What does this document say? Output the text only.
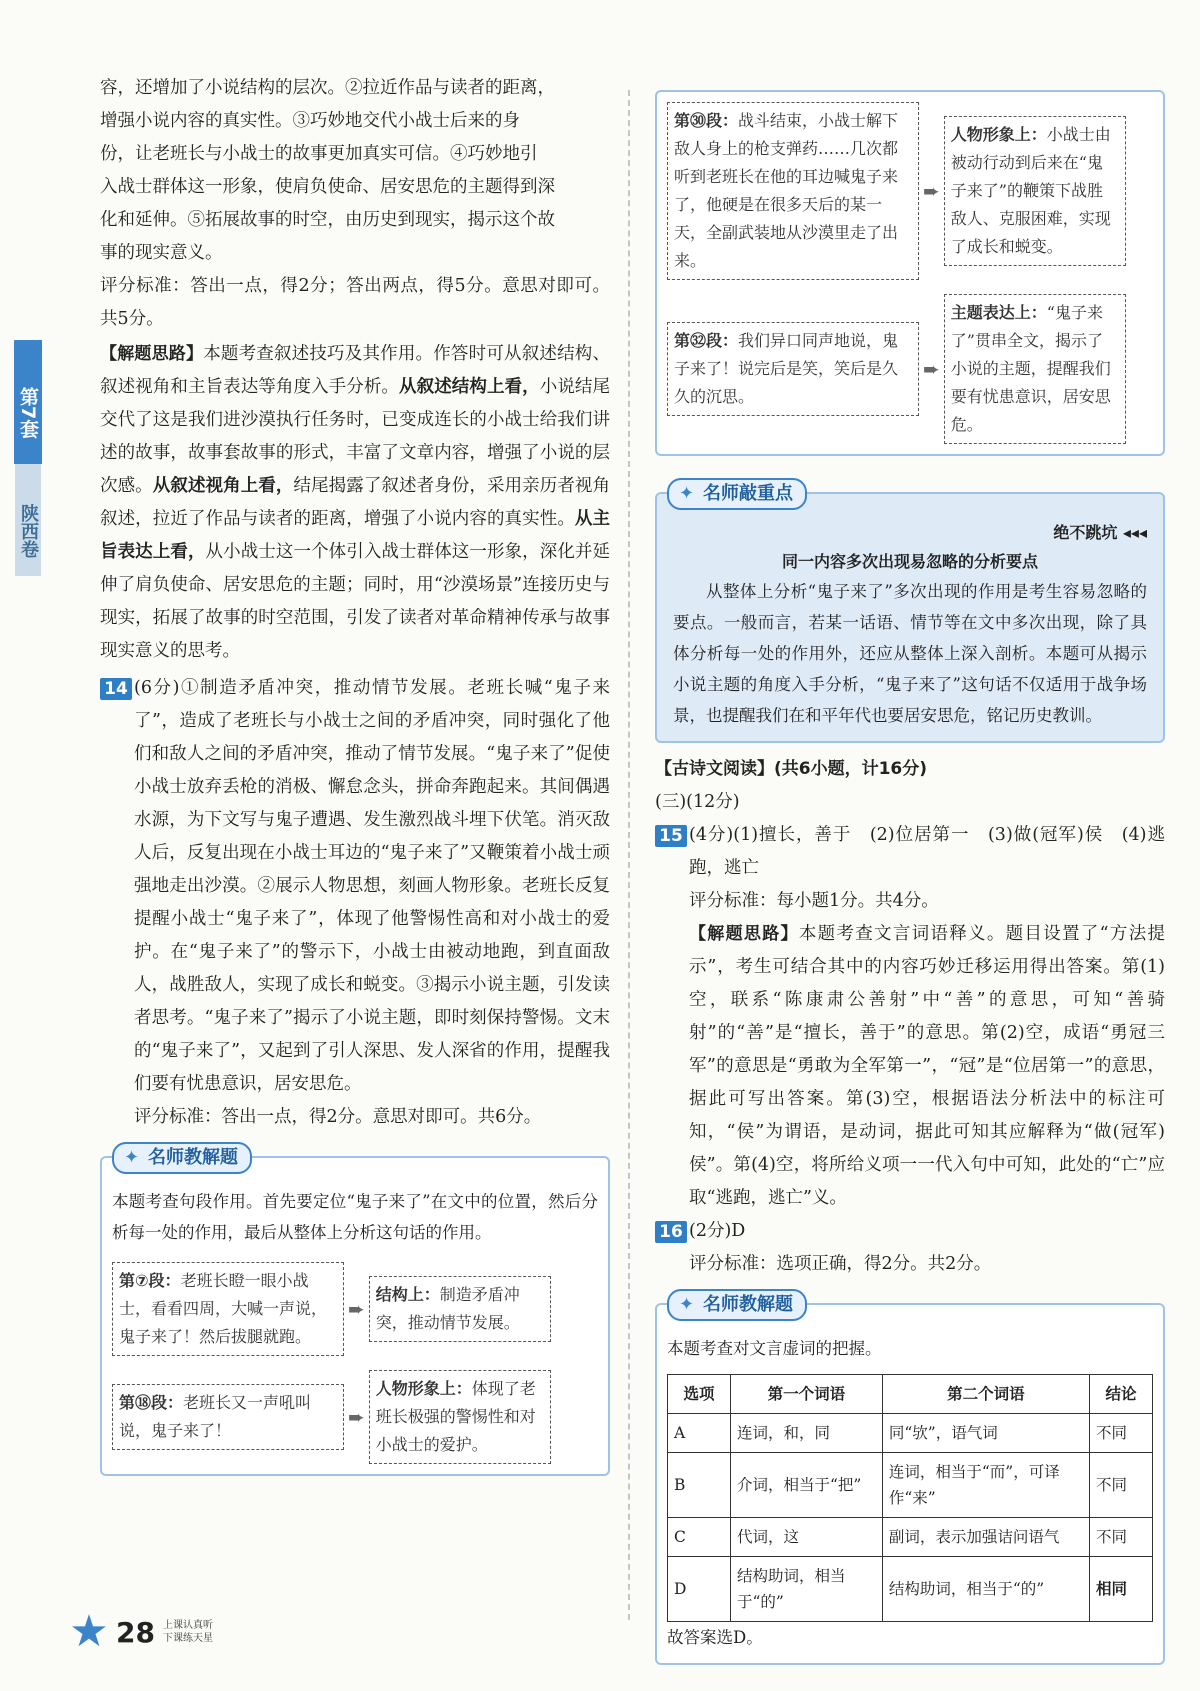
第7套
陕西卷

容，还增加了小说结构的层次。②拉近作品与读者的距离，

增强小说内容的真实性。③巧妙地交代小战士后来的身

份，让老班长与小战士的故事更加真实可信。④巧妙地引

入战士群体这一形象，使肩负使命、居安思危的主题得到深

化和延伸。⑤拓展故事的时空，由历史到现实，揭示这个故

事的现实意义。

评分标准：答出一点，得2分；答出两点，得5分。意思对即可。共5分。

【解题思路】本题考查叙述技巧及其作用。作答时可从叙述结构、叙述视角和主旨表达等角度入手分析。从叙述结构上看，小说结尾交代了这是我们进沙漠执行任务时，已变成连长的小战士给我们讲述的故事，故事套故事的形式，丰富了文章内容，增强了小说的层次感。从叙述视角上看，结尾揭露了叙述者身份，采用亲历者视角叙述，拉近了作品与读者的距离，增强了小说内容的真实性。从主旨表达上看，从小战士这一个体引入战士群体这一形象，深化并延伸了肩负使命、居安思危的主题；同时，用“沙漠场景”连接历史与现实，拓展了故事的时空范围，引发了读者对革命精神传承与故事现实意义的思考。

14 (6分)①制造矛盾冲突，推动情节发展。老班长喊“鬼子来了”，造成了老班长与小战士之间的矛盾冲突，同时强化了他们和敌人之间的矛盾冲突，推动了情节发展。“鬼子来了”促使小战士放弃丢枪的消极、懈怠念头，拼命奔跑起来。其间偶遇水源，为下文写与鬼子遭遇、发生激烈战斗埋下伏笔。消灭敌人后，反复出现在小战士耳边的“鬼子来了”又鞭策着小战士顽强地走出沙漠。②展示人物思想，刻画人物形象。老班长反复提醒小战士“鬼子来了”，体现了他警惕性高和对小战士的爱护。在“鬼子来了”的警示下，小战士由被动地跑，到直面敌人，战胜敌人，实现了成长和蜕变。③揭示小说主题，引发读者思考。“鬼子来了”揭示了小说主题，即时刻保持警惕。文末的“鬼子来了”，又起到了引人深思、发人深省的作用，提醒我们要有忧患意识，居安思危。

评分标准：答出一点，得2分。意思对即可。共6分。

✦ 名师教解题

本题考查句段作用。首先要定位“鬼子来了”在文中的位置，然后分析每一处的作用，最后从整体上分析这句话的作用。

第⑦段：老班长瞪一眼小战士，看看四周，大喊一声说，鬼子来了！然后拔腿就跑。
➨
结构上：制造矛盾冲突，推动情节发展。
第⑱段：老班长又一声吼叫说，鬼子来了！
➨
人物形象上：体现了老班长极强的警惕性和对小战士的爱护。
第㉚段：战斗结束，小战士解下敌人身上的枪支弹药……几次都听到老班长在他的耳边喊鬼子来了，他硬是在很多天后的某一天，全副武装地从沙漠里走了出来。
➨
人物形象上：小战士由被动行动到后来在“鬼子来了”的鞭策下战胜敌人、克服困难，实现了成长和蜕变。
第㉜段：我们异口同声地说，鬼子来了！说完后是笑，笑后是久久的沉思。
➨
主题表达上：“鬼子来了”贯串全文，揭示了小说的主题，提醒我们要有忧患意识，居安思危。
✦ 名师敲重点
绝不跳坑 ◂◂◂
同一内容多次出现易忽略的分析要点

从整体上分析“鬼子来了”多次出现的作用是考生容易忽略的要点。一般而言，若某一话语、情节等在文中多次出现，除了具体分析每一处的作用外，还应从整体上深入剖析。本题可从揭示小说主题的角度入手分析，“鬼子来了”这句话不仅适用于战争场景，也提醒我们在和平年代也要居安思危，铭记历史教训。

【古诗文阅读】(共6小题，计16分)

(三)(12分)

15 (4分)(1)擅长，善于　(2)位居第一　(3)做(冠军)侯　(4)逃跑，逃亡

评分标准：每小题1分。共4分。

【解题思路】本题考查文言词语释义。题目设置了“方法提示”，考生可结合其中的内容巧妙迁移运用得出答案。第(1)空，联系“陈康肃公善射”中“善”的意思，可知“善骑射”的“善”是“擅长，善于”的意思。第(2)空，成语“勇冠三军”的意思是“勇敢为全军第一”，“冠”是“位居第一”的意思，据此可写出答案。第(3)空，根据语法分析法中的标注可知，“侯”为谓语，是动词，据此可知其应解释为“做(冠军)侯”。第(4)空，将所给义项一一代入句中可知，此处的“亡”应取“逃跑，逃亡”义。

16 (2分)D

评分标准：选项正确，得2分。共2分。

✦ 名师教解题

本题考查对文言虚词的把握。

选项	第一个词语	第二个词语	结论
A	连词，和，同	同“欤”，语气词	不同
B	介词，相当于“把”	连词，相当于“而”，可译作“来”	不同
C	代词，这	副词，表示加强诘问语气	不同
D	结构助词，相当于“的”	结构助词，相当于“的”	相同

故答案选D。

★ 28 上课认真听
下课练天星
